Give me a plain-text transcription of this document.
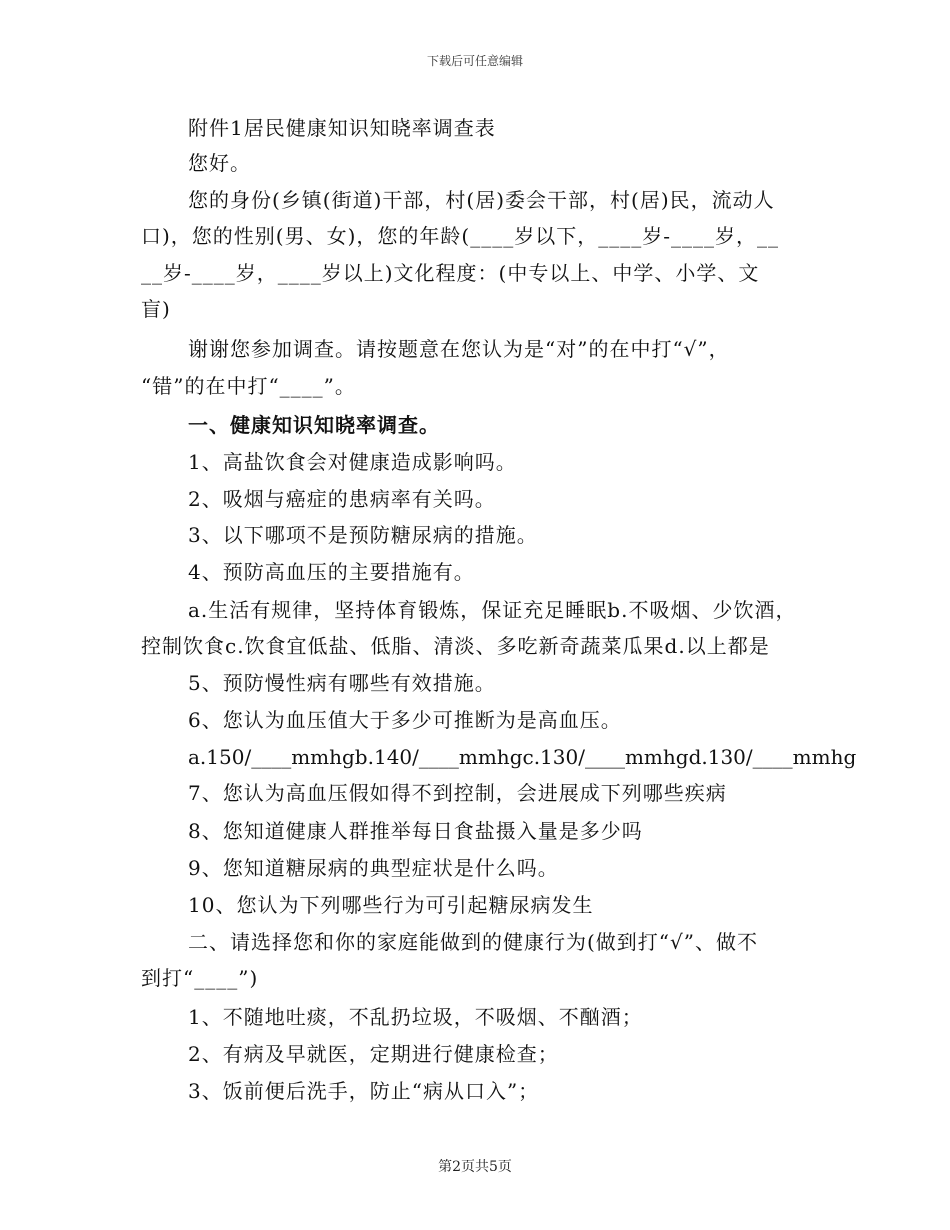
下载后可任意编辑
附件1居民健康知识知晓率调查表
您好。
您的身份(乡镇(街道)干部，村(居)委会干部，村(居)民，流动人
口)，您的性别(男、女)，您的年龄(____岁以下，____岁-____岁，__
__岁-____岁，____岁以上)文化程度：(中专以上、中学、小学、文
盲)
谢谢您参加调查。请按题意在您认为是“对”的在中打“√”，
“错”的在中打“____”。
一、健康知识知晓率调查。
1、高盐饮食会对健康造成影响吗。
2、吸烟与癌症的患病率有关吗。
3、以下哪项不是预防糖尿病的措施。
4、预防高血压的主要措施有。
a.生活有规律，坚持体育锻炼，保证充足睡眠b.不吸烟、少饮酒，
控制饮食c.饮食宜低盐、低脂、清淡、多吃新奇蔬菜瓜果d.以上都是
5、预防慢性病有哪些有效措施。
6、您认为血压值大于多少可推断为是高血压。
a.150/____mmhgb.140/____mmhgc.130/____mmhgd.130/____mmhg
7、您认为高血压假如得不到控制，会进展成下列哪些疾病
8、您知道健康人群推举每日食盐摄入量是多少吗
9、您知道糖尿病的典型症状是什么吗。
10、您认为下列哪些行为可引起糖尿病发生
二、请选择您和你的家庭能做到的健康行为(做到打“√”、做不
到打“____”)
1、不随地吐痰，不乱扔垃圾，不吸烟、不酗酒；
2、有病及早就医，定期进行健康检查；
3、饭前便后洗手，防止“病从口入”；
第2页共5页
